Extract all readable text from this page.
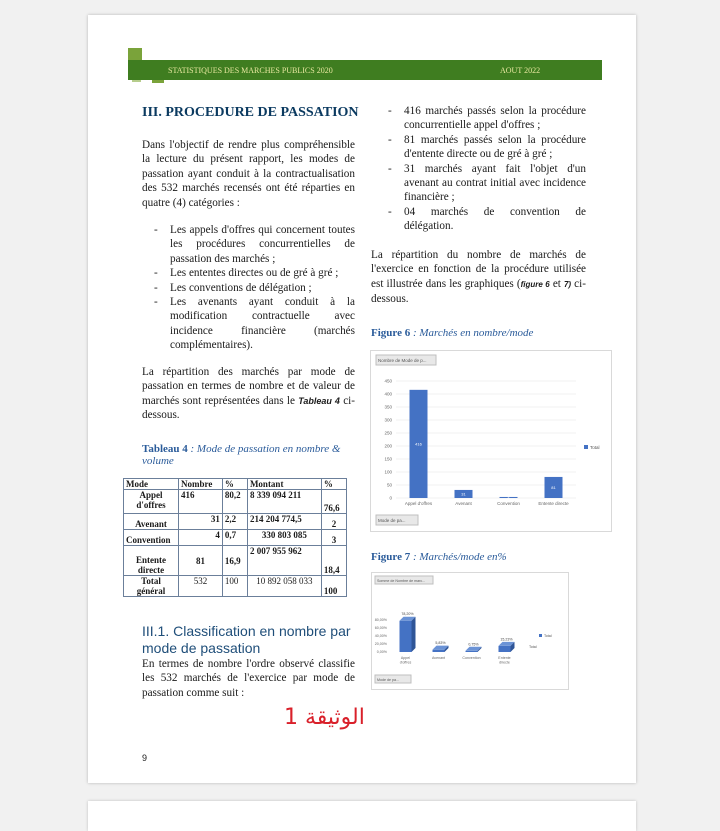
STATISTIQUES DES MARCHES PUBLICS 2020	AOUT 2022
III. PROCEDURE DE PASSATION
Dans l'objectif de rendre plus compréhensible la lecture du présent rapport, les modes de passation ayant conduit à la contractualisation des 532 marchés recensés ont été réparties en quatre (4) catégories :
- Les appels d'offres qui concernent toutes les procédures concurrentielles de passation des marchés ;
- Les ententes directes ou de gré à gré ;
- Les conventions de délégation ;
- Les avenants ayant conduit à la modification contractuelle avec incidence financière (marchés complémentaires).
La répartition des marchés par mode de passation en termes de nombre et de valeur de marchés sont représentées dans le Tableau 4 ci-dessous.
Tableau 4 : Mode de passation en nombre & volume
Mode	Nombre	%	Montant	%
Appel d'offres	416	80,2	8 339 094 211	76,6
Avenant	31	2,2	214 204 774,5	2
Convention	4	0,7	330 803 085	3
Entente directe	81	16,9	2 007 955 962	18,4
Total général	532	100	10 892 058 033	100
III.1. Classification en nombre par mode de passation
En termes de nombre l'ordre observé classifie les 532 marchés de l'exercice par mode de passation comme suit :
الوثيقة 1
9
- 416 marchés passés selon la procédure concurrentielle appel d'offres ;
- 81 marchés passés selon la procédure d'entente directe ou de gré à gré ;
- 31 marchés ayant fait l'objet d'un avenant au contrat initial avec incidence financière ;
- 04 marchés de convention de délégation.
La répartition du nombre de marchés de l'exercice en fonction de la procédure utilisée est illustrée dans les graphiques (figure 6 et 7) ci-dessous.
Figure 6 : Marchés en nombre/mode
Nombre de Mode de p...
0
50
100
150
200
250
300
350
400
450
416
31
4
81
Appel d'offres	Avenant	Convention	Entente directe
Total
Mode de pa...
Figure 7 : Marchés/mode en%
Somme de Nombre de marc...
0,00%
20,00%
40,00%
60,00%
80,00%
78,20%
5,83%	0,75%
15,23%
Appel
d'offres
Avenant	Convention	Entente
directe
Total
Total
Mode de pa...
